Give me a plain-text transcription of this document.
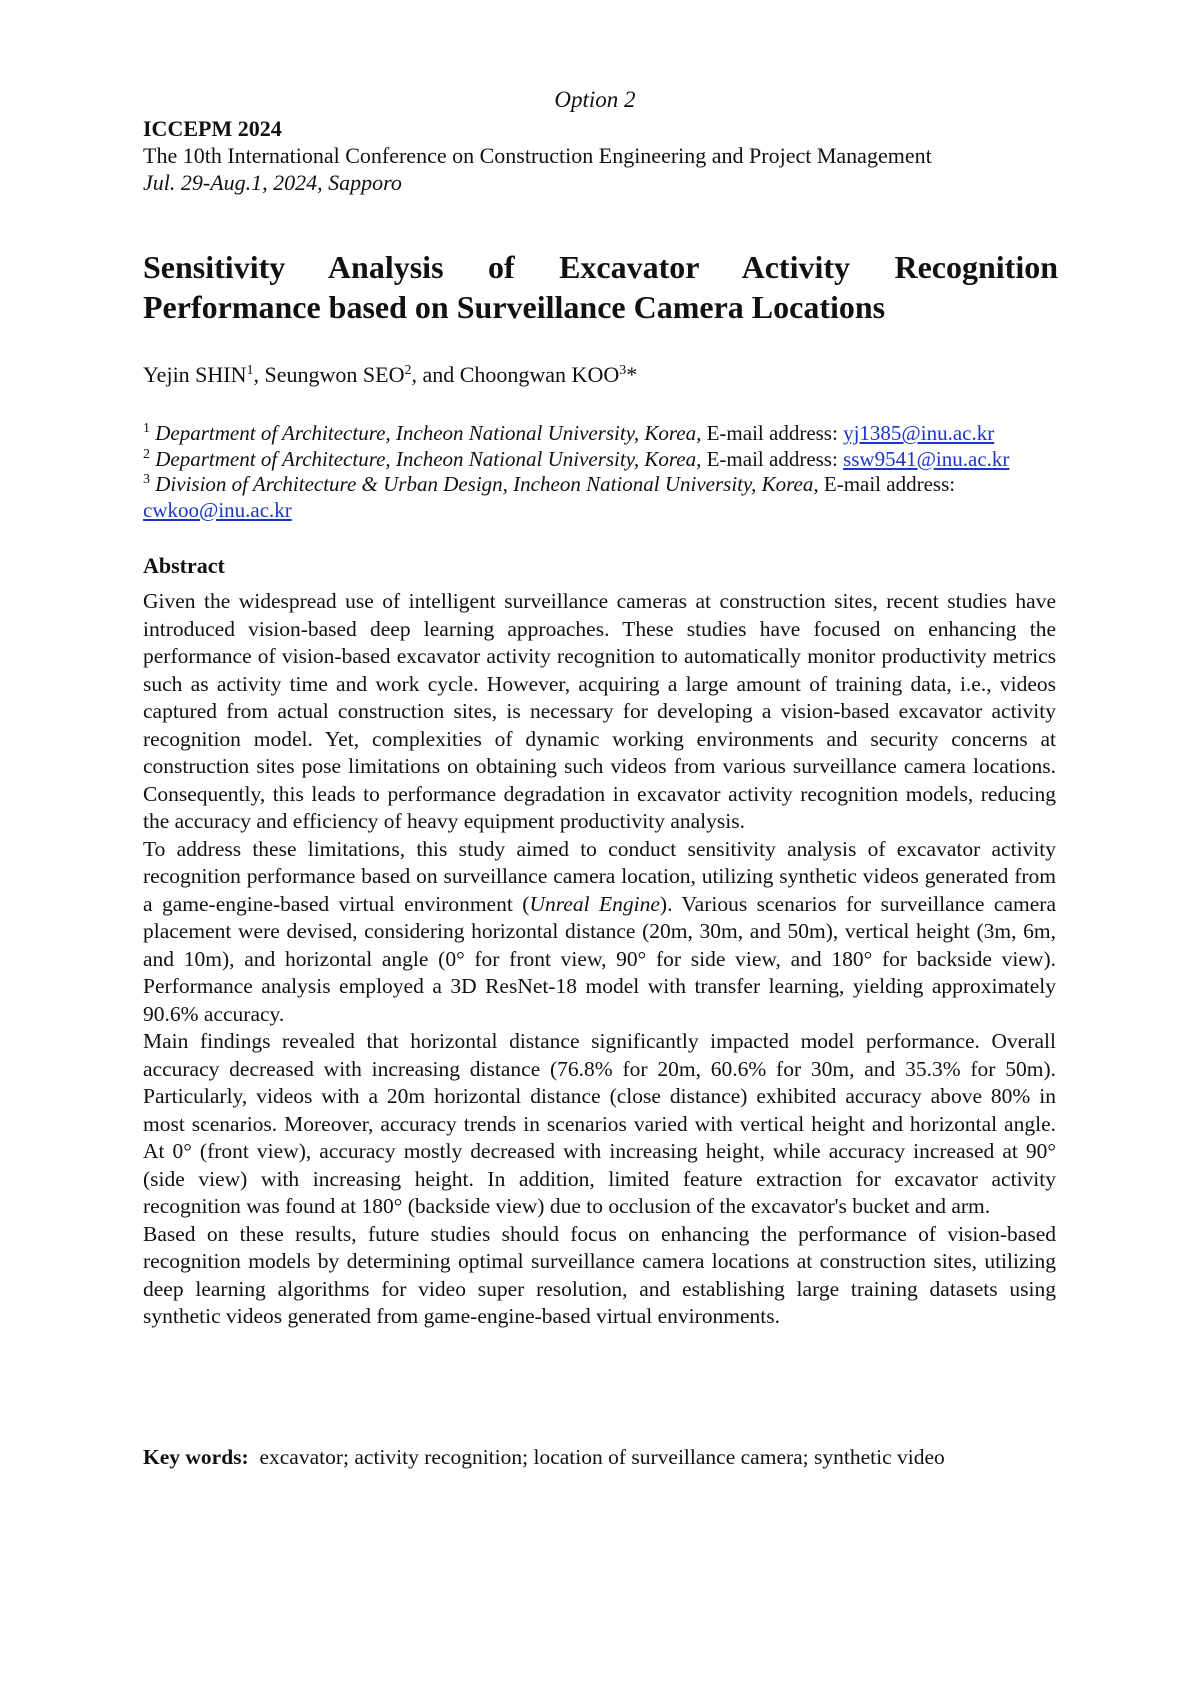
Option 2
ICCEPM 2024
The 10th International Conference on Construction Engineering and Project Management
Jul. 29-Aug.1, 2024, Sapporo
Sensitivity Analysis of Excavator Activity Recognition
Performance based on Surveillance Camera Locations
Yejin SHIN$^1$, Seungwon SEO$^2$, and Choongwan KOO$^3$*
$^1$ Department of Architecture, Incheon National University, Korea, E-mail address: yj1385@inu.ac.kr
$^2$ Department of Architecture, Incheon National University, Korea, E-mail address: ssw9541@inu.ac.kr
$^3$ Division of Architecture & Urban Design, Incheon National University, Korea, E-mail address:
cwkoo@inu.ac.kr
Abstract

Given the widespread use of intelligent surveillance cameras at construction sites, recent studies have introduced vision-based deep learning approaches. These studies have focused on enhancing the performance of vision-based excavator activity recognition to automatically monitor productivity metrics such as activity time and work cycle. However, acquiring a large amount of training data, i.e., videos captured from actual construction sites, is necessary for developing a vision-based excavator activity recognition model. Yet, complexities of dynamic working environments and security concerns at construction sites pose limitations on obtaining such videos from various surveillance camera locations. Consequently, this leads to performance degradation in excavator activity recognition models, reducing the accuracy and efficiency of heavy equipment productivity analysis.

To address these limitations, this study aimed to conduct sensitivity analysis of excavator activity recognition performance based on surveillance camera location, utilizing synthetic videos generated from a game-engine-based virtual environment (Unreal Engine). Various scenarios for surveillance camera placement were devised, considering horizontal distance (20m, 30m, and 50m), vertical height (3m, 6m, and 10m), and horizontal angle (0° for front view, 90° for side view, and 180° for backside view). Performance analysis employed a 3D ResNet-18 model with transfer learning, yielding approximately 90.6% accuracy.

Main findings revealed that horizontal distance significantly impacted model performance. Overall accuracy decreased with increasing distance (76.8% for 20m, 60.6% for 30m, and 35.3% for 50m). Particularly, videos with a 20m horizontal distance (close distance) exhibited accuracy above 80% in most scenarios. Moreover, accuracy trends in scenarios varied with vertical height and horizontal angle. At 0° (front view), accuracy mostly decreased with increasing height, while accuracy increased at 90° (side view) with increasing height. In addition, limited feature extraction for excavator activity recognition was found at 180° (backside view) due to occlusion of the excavator's bucket and arm.

Based on these results, future studies should focus on enhancing the performance of vision-based recognition models by determining optimal surveillance camera locations at construction sites, utilizing deep learning algorithms for video super resolution, and establishing large training datasets using synthetic videos generated from game-engine-based virtual environments.

Key words: excavator; activity recognition; location of surveillance camera; synthetic video
